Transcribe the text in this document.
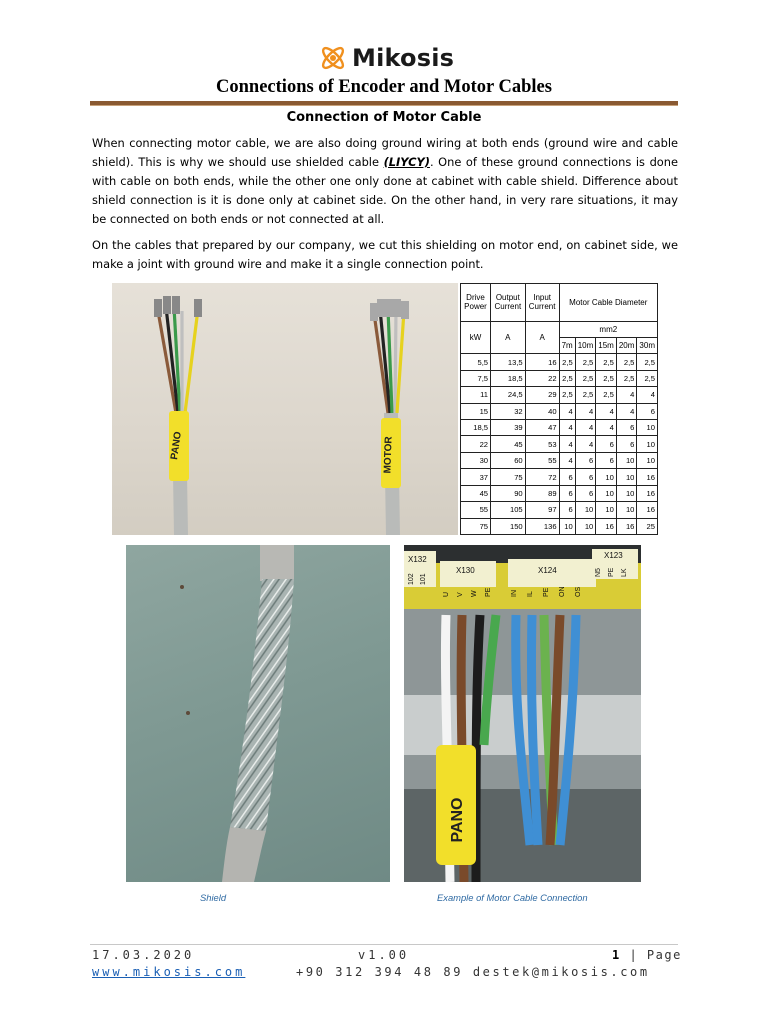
Mikosis
Connections of Encoder and Motor Cables
Connection of Motor Cable

When connecting motor cable, we are also doing ground wiring at both ends (ground wire and cable shield). This is why we should use shielded cable (LIYCY). One of these ground connections is done with cable on both ends, while the other one only done at cabinet with cable shield. Difference about shield connection is it is done only at cabinet side. On the other hand, in very rare situations, it may be connected on both ends or not connected at all.

On the cables that prepared by our company, we cut this shielding on motor end, on cabinet side, we make a joint with ground wire and make it a single connection point.

PANO	MOTOR
Drive Power	Output Current	Input Current	Motor Cable Diameter				
kW	A	A	mm2				
			7m	10m	15m	20m	30m
5,5	13,5	16	2,5	2,5	2,5	2,5	2,5
7,5	18,5	22	2,5	2,5	2,5	2,5	2,5
11	24,5	29	2,5	2,5	2,5	4	4
15	32	40	4	4	4	4	6
18,5	39	47	4	4	4	6	10
22	45	53	4	4	6	6	10
30	60	55	4	6	6	10	10
37	75	72	6	6	10	10	16
45	90	89	6	6	10	10	16
55	105	97	6	10	10	10	16
75	150	136	10	10	16	16	25
X132
X130	X124
X123
102 101
U V W PE	IN IL PE ON OS
N5 PE LK
PANO
Shield	Example of Motor Cable Connection
17.03.2020	v1.00	1 | Page
www.mikosis.com	+90 312 394 48 89 destek@mikosis.com
